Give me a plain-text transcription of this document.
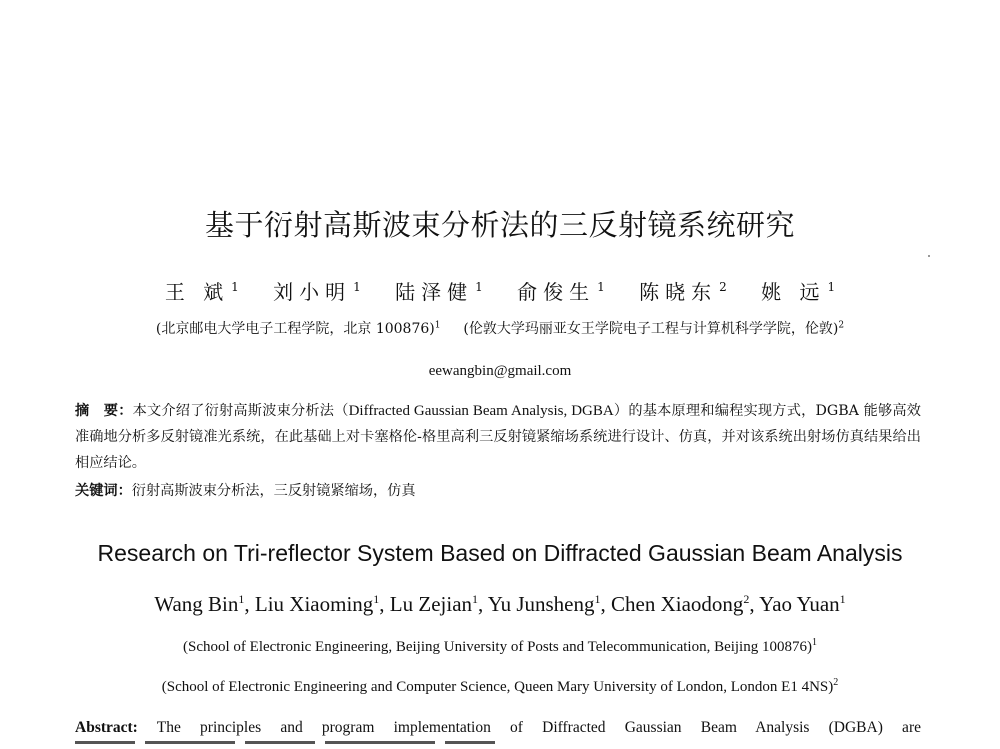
基于衍射高斯波束分析法的三反射镜系统研究
王 斌 $^1$ 刘小明 $^1$ 陆泽健 $^1$ 俞俊生 $^1$ 陈晓东 $^2$ 姚 远 $^1$
(北京邮电大学电子工程学院，北京 100876)$^1$ (伦敦大学玛丽亚女王学院电子工程与计算机科学学院，伦敦)$^2$
eewangbin@gmail.com
摘　要：本文介绍了衍射高斯波束分析法（Diffracted Gaussian Beam Analysis, DGBA）的基本原理和编程实现方式，DGBA 能够高效准确地分析多反射镜准光系统，在此基础上对卡塞格伦-格里高利三反射镜紧缩场系统进行设计、仿真，并对该系统出射场仿真结果给出相应结论。
关键词：衍射高斯波束分析法，三反射镜紧缩场，仿真
Research on Tri-reflector System Based on Diffracted Gaussian Beam Analysis
Wang Bin$^1$, Liu Xiaoming$^1$, Lu Zejian$^1$, Yu Junsheng$^1$, Chen Xiaodong$^2$, Yao Yuan$^1$
(School of Electronic Engineering, Beijing University of Posts and Telecommunication, Beijing 100876)$^1$
(School of Electronic Engineering and Computer Science, Queen Mary University of London, London E1 4NS)$^2$
Abstract: The principles and program implementation of Diffracted Gaussian Beam Analysis (DGBA) are
